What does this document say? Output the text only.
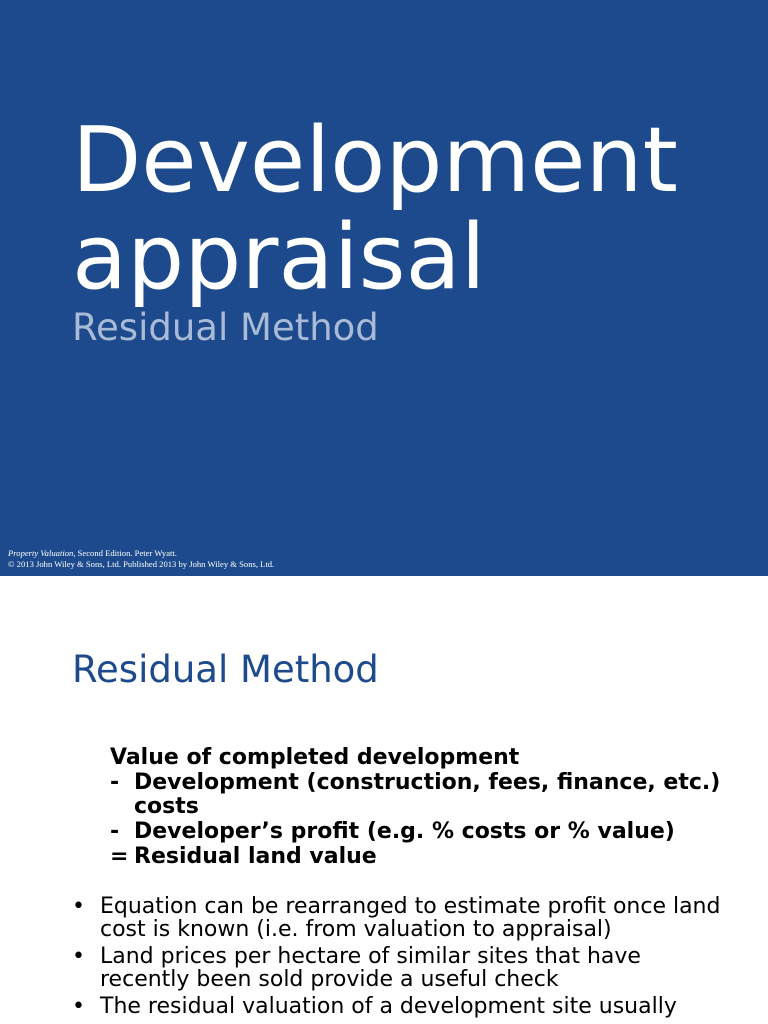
Development
appraisal
Residual Method
Property Valuation, Second Edition. Peter Wyatt.
© 2013 John Wiley & Sons, Ltd. Published 2013 by John Wiley & Sons, Ltd.
Residual Method
Value of completed development
- Development (construction, fees, finance, etc.) costs
- Developer’s profit (e.g. % costs or % value)
= Residual land value
• Equation can be rearranged to estimate profit once land cost is known (i.e. from valuation to appraisal)
• Land prices per hectare of similar sites that have recently been sold provide a useful check
• The residual valuation of a development site usually
